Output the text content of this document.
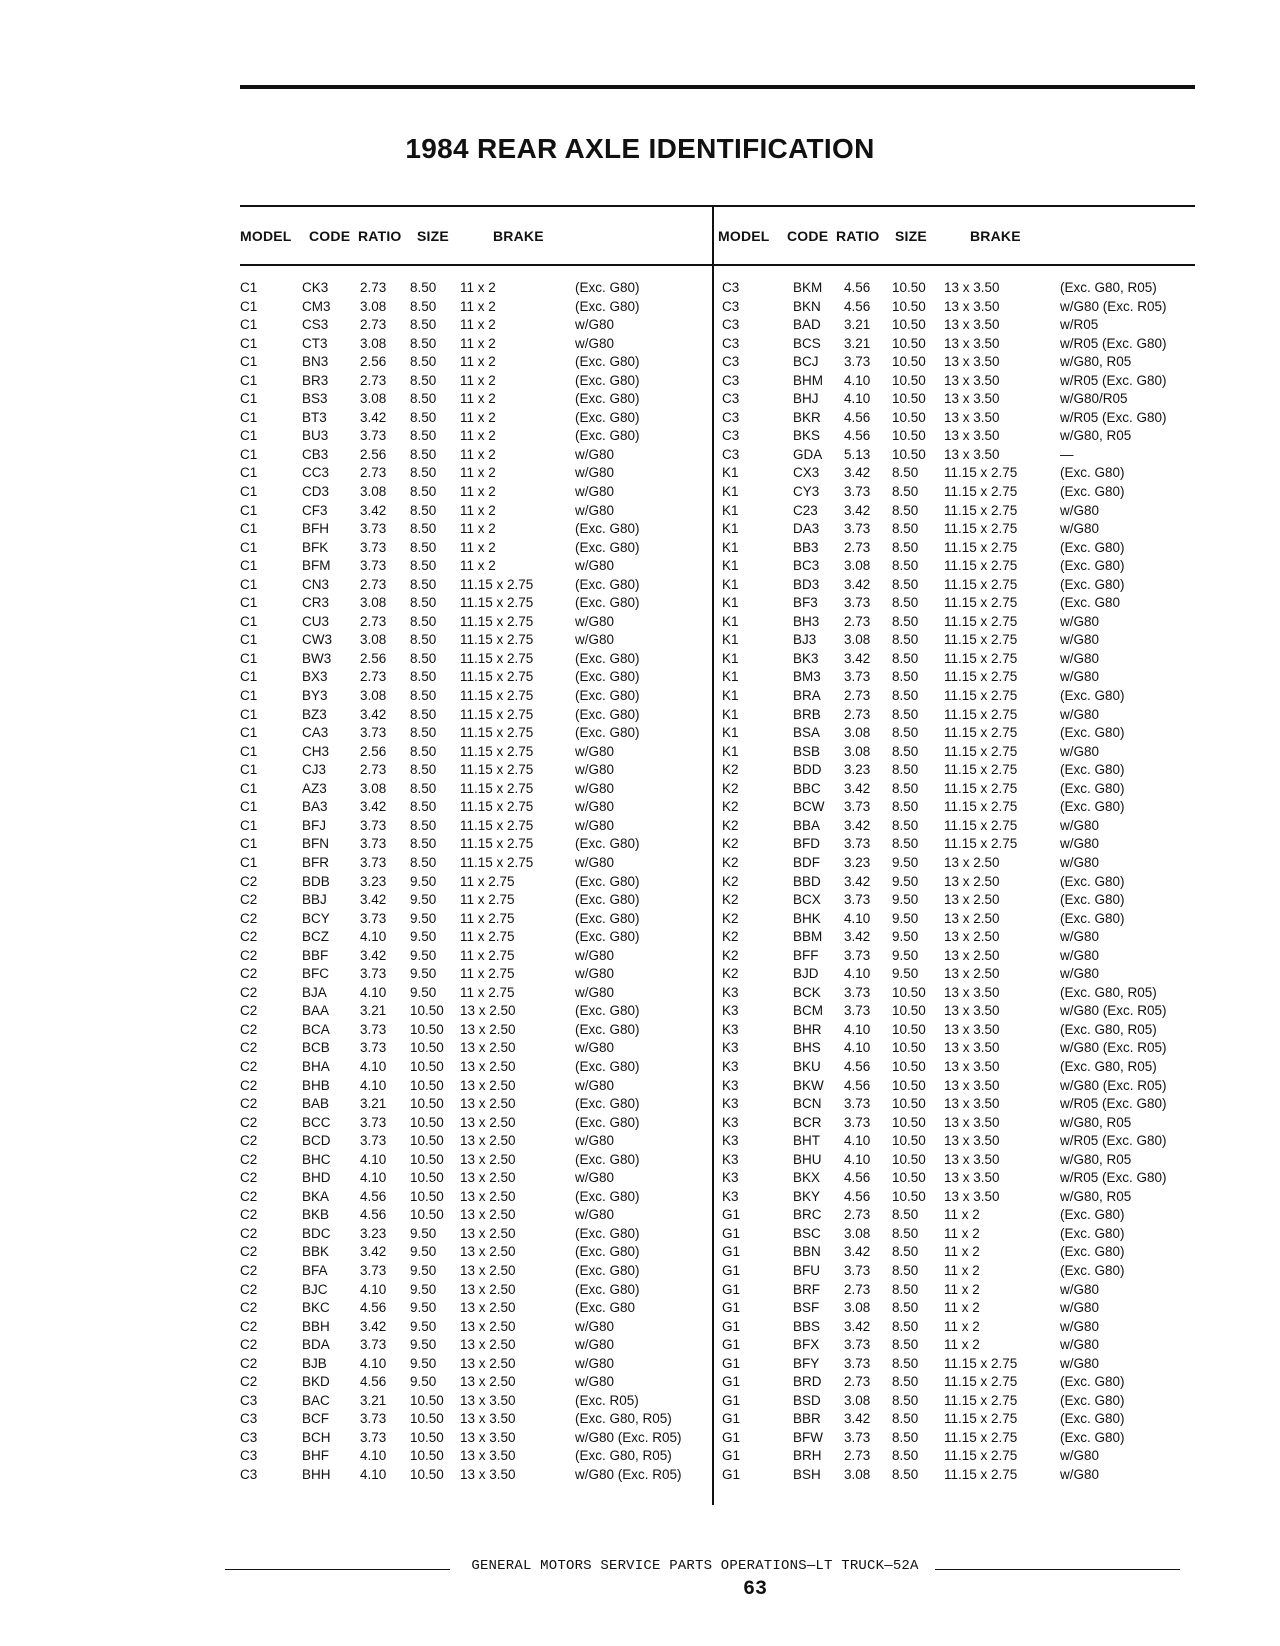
1984 REAR AXLE IDENTIFICATION
MODEL CODE RATIO SIZE	BRAKE	MODEL CODE RATIO SIZE	BRAKE
C1	CK3 2.73 8.50 11 x 2	(Exc. G80)
C1	CM3 3.08 8.50 11 x 2	(Exc. G80)
C1	CS3 2.73 8.50 11 x 2	w/G80
C1	CT3 3.08 8.50 11 x 2	w/G80
C1	BN3 2.56 8.50 11 x 2	(Exc. G80)
C1	BR3 2.73 8.50 11 x 2	(Exc. G80)
C1	BS3 3.08 8.50 11 x 2	(Exc. G80)
C1	BT3 3.42 8.50 11 x 2	(Exc. G80)
C1	BU3 3.73 8.50 11 x 2	(Exc. G80)
C1	CB3 2.56 8.50 11 x 2	w/G80
C1	CC3 2.73 8.50 11 x 2	w/G80
C1	CD3 3.08 8.50 11 x 2	w/G80
C1	CF3 3.42 8.50 11 x 2	w/G80
C1	BFH 3.73 8.50 11 x 2	(Exc. G80)
C1	BFK 3.73 8.50 11 x 2	(Exc. G80)
C1	BFM 3.73 8.50 11 x 2	w/G80
C1	CN3 2.73 8.50 11.15 x 2.75	(Exc. G80)
C1	CR3 3.08 8.50 11.15 x 2.75	(Exc. G80)
C1	CU3 2.73 8.50 11.15 x 2.75	w/G80
C1	CW3 3.08 8.50 11.15 x 2.75	w/G80
C1	BW3 2.56 8.50 11.15 x 2.75	(Exc. G80)
C1	BX3 2.73 8.50 11.15 x 2.75	(Exc. G80)
C1	BY3 3.08 8.50 11.15 x 2.75	(Exc. G80)
C1	BZ3 3.42 8.50 11.15 x 2.75	(Exc. G80)
C1	CA3 3.73 8.50 11.15 x 2.75	(Exc. G80)
C1	CH3 2.56 8.50 11.15 x 2.75	w/G80
C1	CJ3	2.73 8.50 11.15 x 2.75	w/G80
C1	AZ3 3.08 8.50 11.15 x 2.75	w/G80
C1	BA3 3.42 8.50 11.15 x 2.75	w/G80
C1	BFJ	3.73 8.50 11.15 x 2.75	w/G80
C1	BFN 3.73 8.50 11.15 x 2.75	(Exc. G80)
C1	BFR 3.73 8.50 11.15 x 2.75	w/G80
C2	BDB 3.23 9.50 11 x 2.75	(Exc. G80)
C2	BBJ 3.42 9.50 11 x 2.75	(Exc. G80)
C2	BCY 3.73 9.50 11 x 2.75	(Exc. G80)
C2	BCZ 4.10 9.50 11 x 2.75	(Exc. G80)
C2	BBF 3.42 9.50 11 x 2.75	w/G80
C2	BFC 3.73 9.50 11 x 2.75	w/G80
C2	BJA 4.10 9.50 11 x 2.75	w/G80
C2	BAA 3.21 10.50 13 x 2.50	(Exc. G80)
C2	BCA 3.73 10.50 13 x 2.50	(Exc. G80)
C2	BCB 3.73 10.50 13 x 2.50	w/G80
C2	BHA 4.10 10.50 13 x 2.50	(Exc. G80)
C2	BHB 4.10 10.50 13 x 2.50	w/G80
C2	BAB 3.21 10.50 13 x 2.50	(Exc. G80)
C2	BCC 3.73 10.50 13 x 2.50	(Exc. G80)
C2	BCD 3.73 10.50 13 x 2.50	w/G80
C2	BHC 4.10 10.50 13 x 2.50	(Exc. G80)
C2	BHD 4.10 10.50 13 x 2.50	w/G80
C2	BKA 4.56 10.50 13 x 2.50	(Exc. G80)
C2	BKB 4.56 10.50 13 x 2.50	w/G80
C2	BDC 3.23 9.50 13 x 2.50	(Exc. G80)
C2	BBK 3.42 9.50 13 x 2.50	(Exc. G80)
C2	BFA 3.73 9.50 13 x 2.50	(Exc. G80)
C2	BJC 4.10 9.50 13 x 2.50	(Exc. G80)
C2	BKC 4.56 9.50 13 x 2.50	(Exc. G80
C2	BBH 3.42 9.50 13 x 2.50	w/G80
C2	BDA 3.73 9.50 13 x 2.50	w/G80
C2	BJB 4.10 9.50 13 x 2.50	w/G80
C2	BKD 4.56 9.50 13 x 2.50	w/G80
C3	BAC 3.21 10.50 13 x 3.50	(Exc. R05)
C3	BCF 3.73 10.50 13 x 3.50	(Exc. G80, R05)
C3	BCH 3.73 10.50 13 x 3.50	w/G80 (Exc. R05)
C3	BHF 4.10 10.50 13 x 3.50	(Exc. G80, R05)
C3	BHH 4.10 10.50 13 x 3.50	w/G80 (Exc. R05)
C3	BKM 4.56 10.50 13 x 3.50	(Exc. G80, R05)
C3	BKN 4.56 10.50 13 x 3.50	w/G80 (Exc. R05)
C3	BAD 3.21 10.50 13 x 3.50	w/R05
C3	BCS 3.21 10.50 13 x 3.50	w/R05 (Exc. G80)
C3	BCJ 3.73 10.50 13 x 3.50	w/G80, R05
C3	BHM 4.10 10.50 13 x 3.50	w/R05 (Exc. G80)
C3	BHJ 4.10 10.50 13 x 3.50	w/G80/R05
C3	BKR 4.56 10.50 13 x 3.50	w/R05 (Exc. G80)
C3	BKS 4.56 10.50 13 x 3.50	w/G80, R05
C3	GDA 5.13 10.50 13 x 3.50	—
K1	CX3 3.42 8.50 11.15 x 2.75	(Exc. G80)
K1	CY3 3.73 8.50 11.15 x 2.75	(Exc. G80)
K1	C23 3.42 8.50 11.15 x 2.75	w/G80
K1	DA3 3.73 8.50 11.15 x 2.75	w/G80
K1	BB3 2.73 8.50 11.15 x 2.75	(Exc. G80)
K1	BC3 3.08 8.50 11.15 x 2.75	(Exc. G80)
K1	BD3 3.42 8.50 11.15 x 2.75	(Exc. G80)
K1	BF3 3.73 8.50 11.15 x 2.75	(Exc. G80
K1	BH3 2.73 8.50 11.15 x 2.75	w/G80
K1	BJ3 3.08 8.50 11.15 x 2.75	w/G80
K1	BK3 3.42 8.50 11.15 x 2.75	w/G80
K1	BM3 3.73 8.50 11.15 x 2.75	w/G80
K1	BRA 2.73 8.50 11.15 x 2.75	(Exc. G80)
K1	BRB 2.73 8.50 11.15 x 2.75	w/G80
K1	BSA 3.08 8.50 11.15 x 2.75	(Exc. G80)
K1	BSB 3.08 8.50 11.15 x 2.75	w/G80
K2	BDD 3.23 8.50 11.15 x 2.75	(Exc. G80)
K2	BBC 3.42 8.50 11.15 x 2.75	(Exc. G80)
K2	BCW 3.73 8.50 11.15 x 2.75	(Exc. G80)
K2	BBA 3.42 8.50 11.15 x 2.75	w/G80
K2	BFD 3.73 8.50 11.15 x 2.75	w/G80
K2	BDF 3.23 9.50 13 x 2.50	w/G80
K2	BBD 3.42 9.50 13 x 2.50	(Exc. G80)
K2	BCX 3.73 9.50 13 x 2.50	(Exc. G80)
K2	BHK 4.10 9.50 13 x 2.50	(Exc. G80)
K2	BBM 3.42 9.50 13 x 2.50	w/G80
K2	BFF 3.73 9.50 13 x 2.50	w/G80
K2	BJD 4.10 9.50 13 x 2.50	w/G80
K3	BCK 3.73 10.50 13 x 3.50	(Exc. G80, R05)
K3	BCM 3.73 10.50 13 x 3.50	w/G80 (Exc. R05)
K3	BHR 4.10 10.50 13 x 3.50	(Exc. G80, R05)
K3	BHS 4.10 10.50 13 x 3.50	w/G80 (Exc. R05)
K3	BKU 4.56 10.50 13 x 3.50	(Exc. G80, R05)
K3	BKW 4.56 10.50 13 x 3.50	w/G80 (Exc. R05)
K3	BCN 3.73 10.50 13 x 3.50	w/R05 (Exc. G80)
K3	BCR 3.73 10.50 13 x 3.50	w/G80, R05
K3	BHT 4.10 10.50 13 x 3.50	w/R05 (Exc. G80)
K3	BHU 4.10 10.50 13 x 3.50	w/G80, R05
K3	BKX 4.56 10.50 13 x 3.50	w/R05 (Exc. G80)
K3	BKY 4.56 10.50 13 x 3.50	w/G80, R05
G1	BRC 2.73 8.50 11 x 2	(Exc. G80)
G1	BSC 3.08 8.50 11 x 2	(Exc. G80)
G1	BBN 3.42 8.50 11 x 2	(Exc. G80)
G1	BFU 3.73 8.50 11 x 2	(Exc. G80)
G1	BRF 2.73 8.50 11 x 2	w/G80
G1	BSF 3.08 8.50 11 x 2	w/G80
G1	BBS 3.42 8.50 11 x 2	w/G80
G1	BFX 3.73 8.50 11 x 2	w/G80
G1	BFY 3.73 8.50 11.15 x 2.75	w/G80
G1	BRD 2.73 8.50 11.15 x 2.75	(Exc. G80)
G1	BSD 3.08 8.50 11.15 x 2.75	(Exc. G80)
G1	BBR 3.42 8.50 11.15 x 2.75	(Exc. G80)
G1	BFW 3.73 8.50 11.15 x 2.75	(Exc. G80)
G1	BRH 2.73 8.50 11.15 x 2.75	w/G80
G1	BSH 3.08 8.50 11.15 x 2.75	w/G80
GENERAL MOTORS SERVICE PARTS OPERATIONS—LT TRUCK—52A
63
